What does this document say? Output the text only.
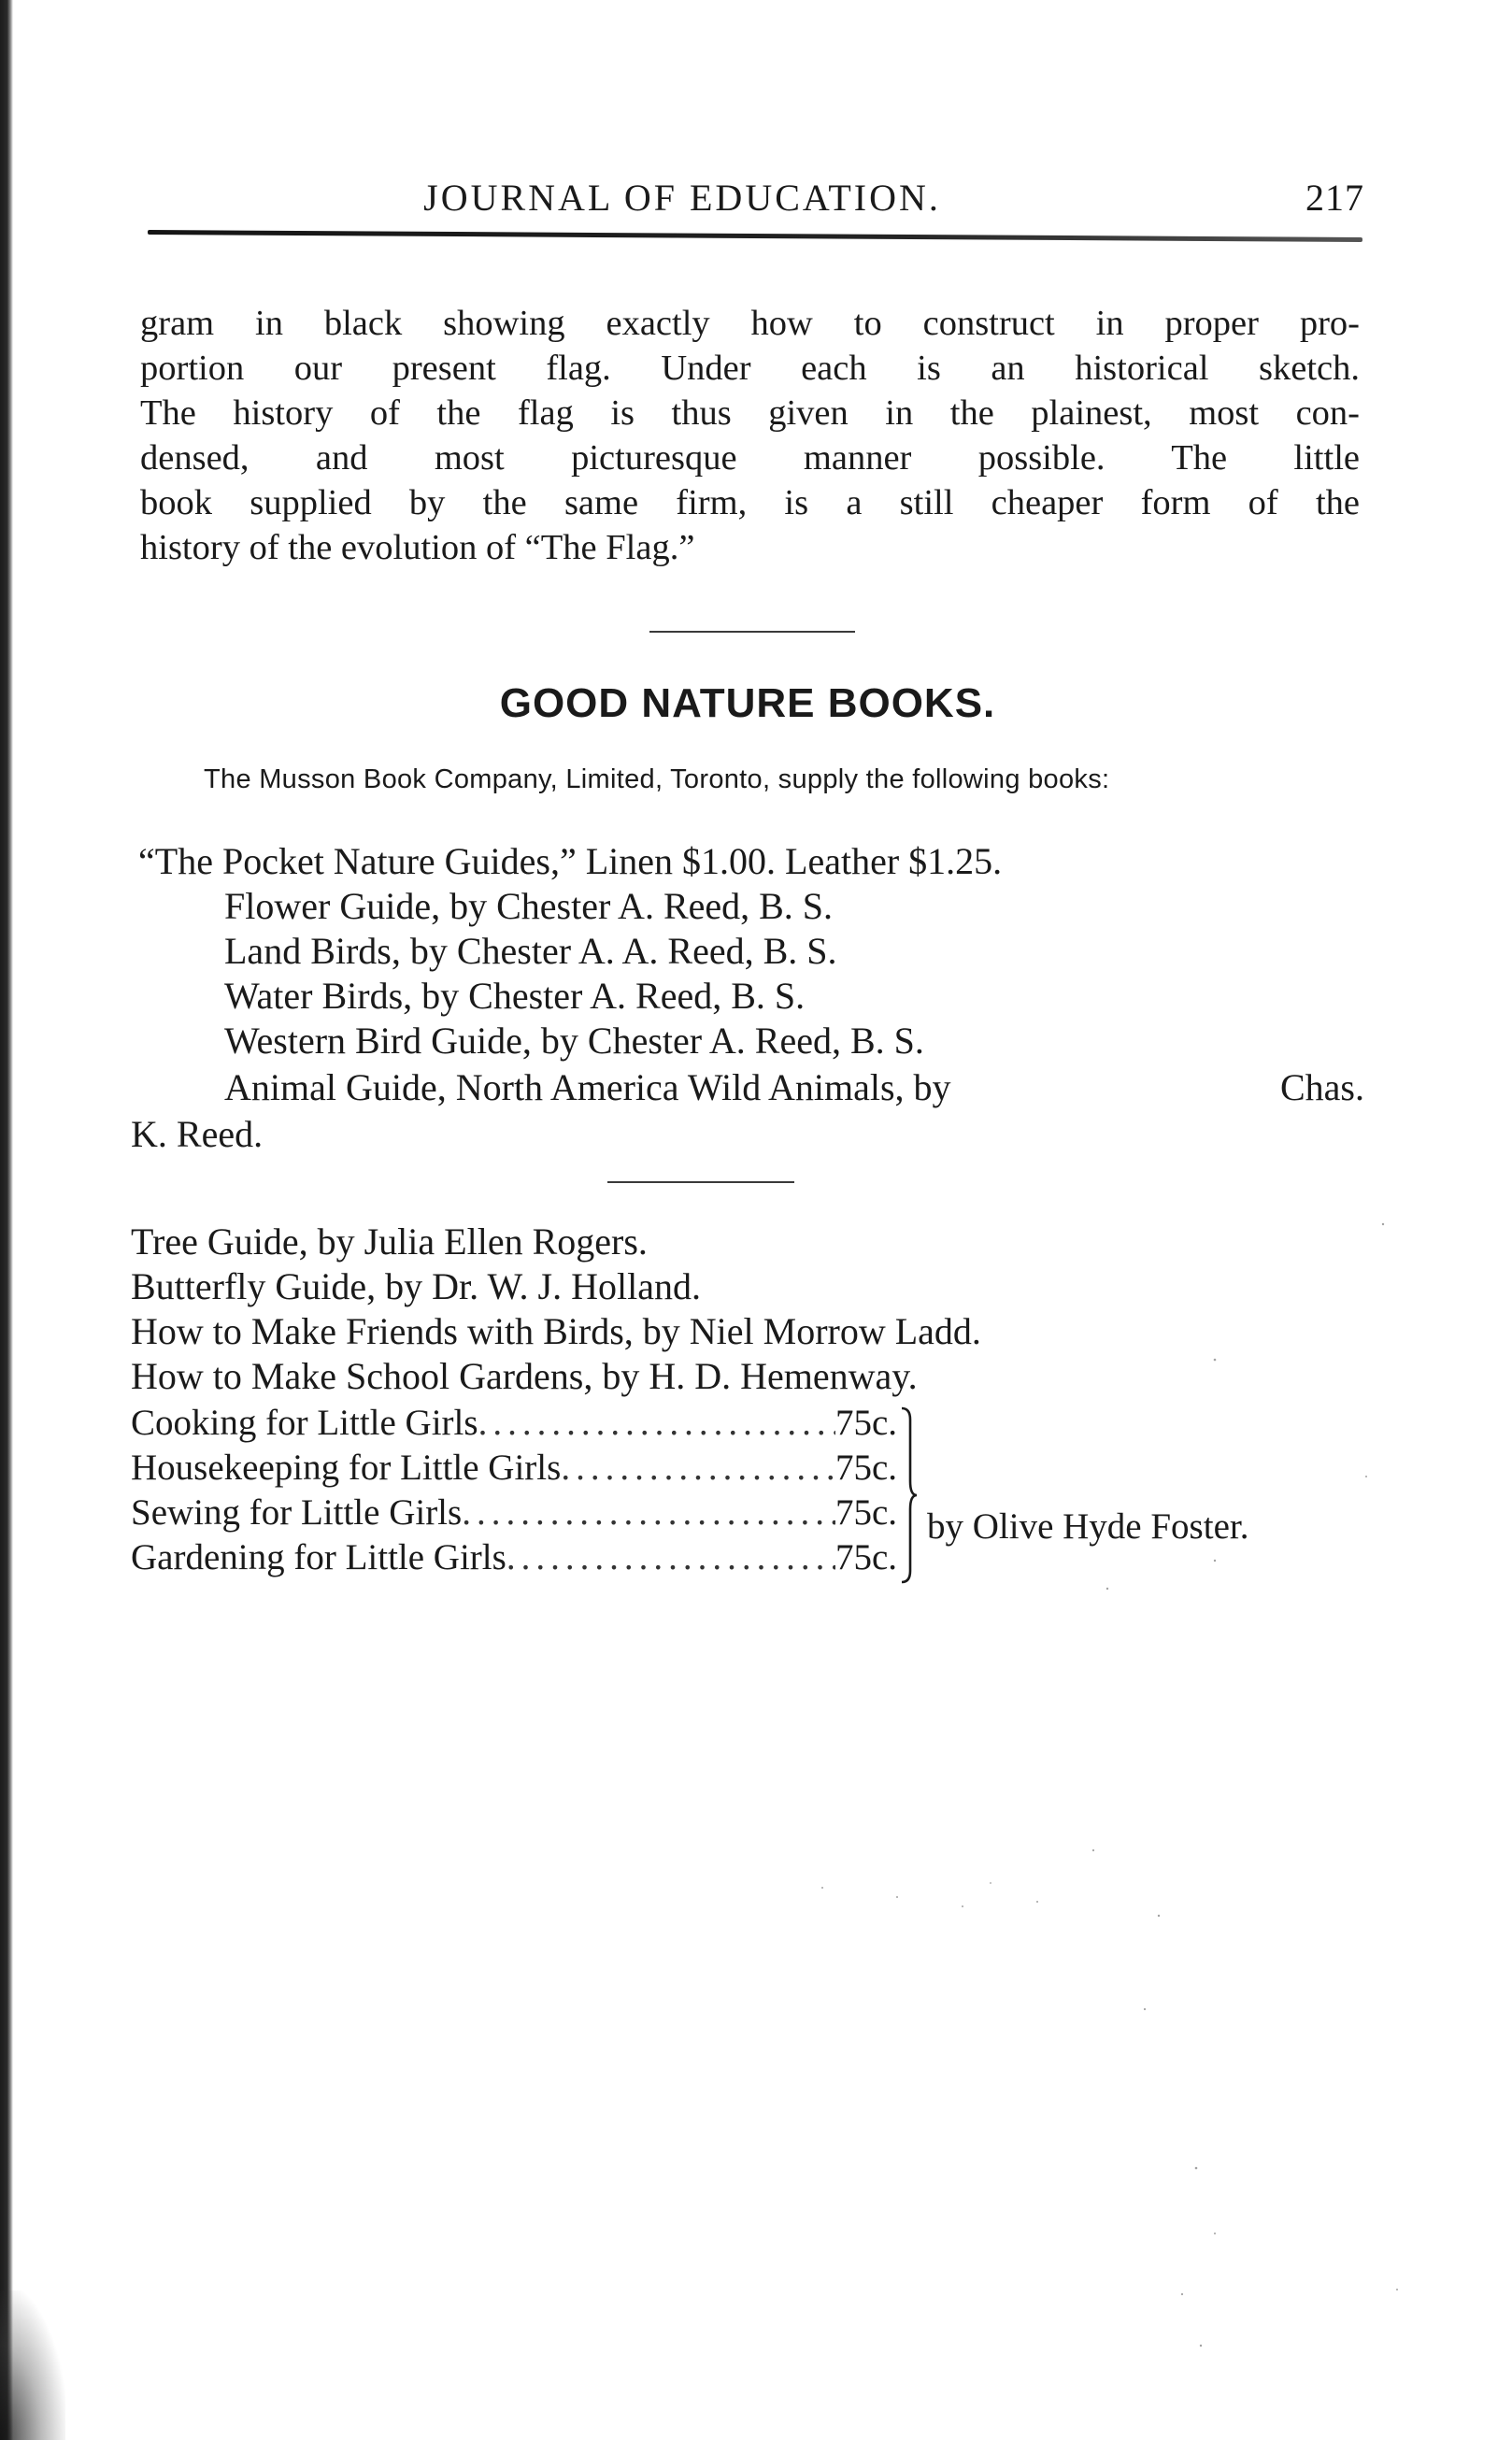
JOURNAL OF EDUCATION.	217
gram in black showing exactly how to construct in proper pro-
portion our present flag. Under each is an historical sketch.
The history of the flag is thus given in the plainest, most con-
densed, and most picturesque manner possible. The little
book supplied by the same firm, is a still cheaper form of the
history of the evolution of “The Flag.”
GOOD NATURE BOOKS.
The Musson Book Company, Limited, Toronto, supply the following books:
“The Pocket Nature Guides,” Linen $1.00. Leather $1.25.
Flower Guide, by Chester A. Reed, B. S.
Land Birds, by Chester A. A. Reed, B. S.
Water Birds, by Chester A. Reed, B. S.
Western Bird Guide, by Chester A. Reed, B. S.
Animal Guide, North America Wild Animals, by	Chas.
K. Reed.
Tree Guide, by Julia Ellen Rogers.
Butterfly Guide, by Dr. W. J. Holland.
How to Make Friends with Birds, by Niel Morrow Ladd.
How to Make School Gardens, by H. D. Hemenway.
Cooking for Little Girls .....	75c.
Housekeeping for Little Girls .....	75c.
Sewing for Little Girls .....	75c.
Gardening for Little Girls .....	75c.
by Olive Hyde Foster.
